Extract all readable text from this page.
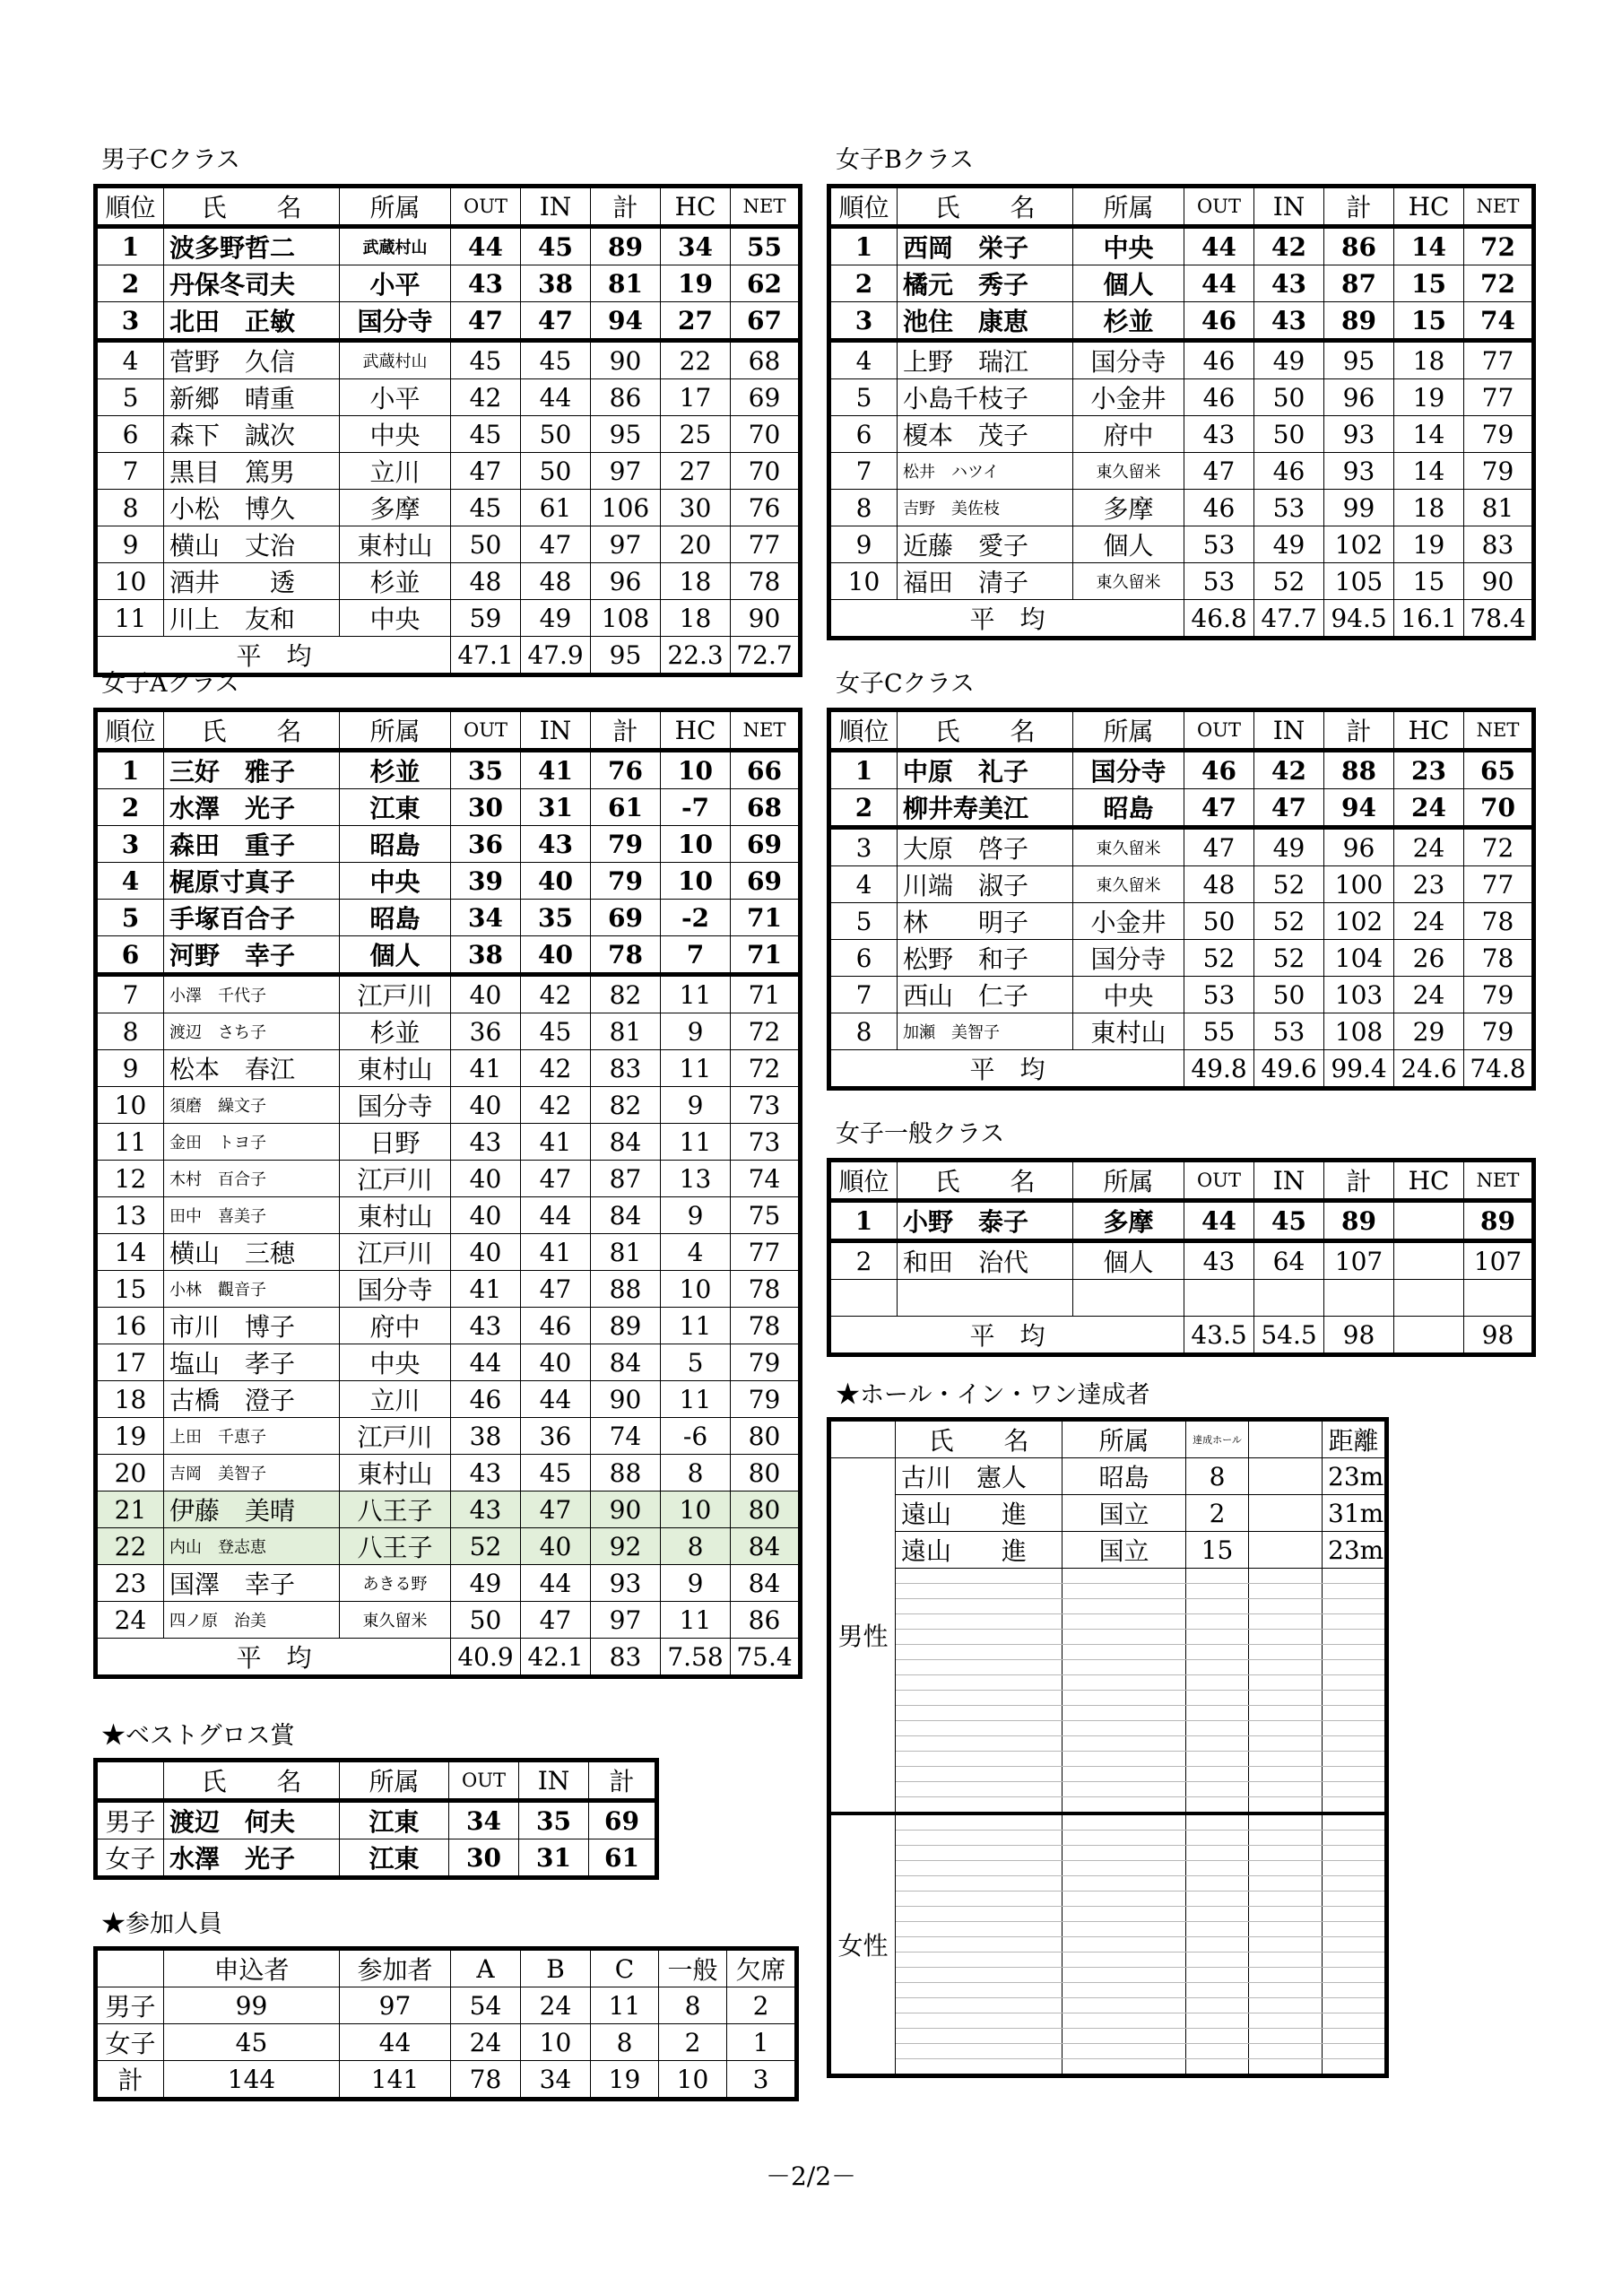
男子Cクラス	女子Bクラス
女子Aクラス	女子Cクラス
女子一般クラス
★ホール・イン・ワン達成者
★ベストグロス賞
★参加人員
順位	氏　　名	所属	OUT	IN	計	HC	NET
1	波多野哲二	武蔵村山	44	45	89	34	55
2	丹保冬司夫	小平	43	38	81	19	62
3	北田　正敏	国分寺	47	47	94	27	67
4	菅野　久信	武蔵村山	45	45	90	22	68
5	新郷　晴重	小平	42	44	86	17	69
6	森下　誠次	中央	45	50	95	25	70
7	黒目　篤男	立川	47	50	97	27	70
8	小松　博久	多摩	45	61	106	30	76
9	横山　丈治	東村山	50	47	97	20	77
10	酒井　　透	杉並	48	48	96	18	78
11	川上　友和	中央	59	49	108	18	90
平　均			47.1	47.9	95	22.3	72.7
順位	氏　　名	所属	OUT	IN	計	HC	NET
1	西岡　栄子	中央	44	42	86	14	72
2	橘元　秀子	個人	44	43	87	15	72
3	池住　康恵	杉並	46	43	89	15	74
4	上野　瑞江	国分寺	46	49	95	18	77
5	小島千枝子	小金井	46	50	96	19	77
6	榎本　茂子	府中	43	50	93	14	79
7	松井　ハツイ	東久留米	47	46	93	14	79
8	吉野　美佐枝	多摩	46	53	99	18	81
9	近藤　愛子	個人	53	49	102	19	83
10	福田　清子	東久留米	53	52	105	15	90
平　均			46.8	47.7	94.5	16.1	78.4
順位	氏　　名	所属	OUT	IN	計	HC	NET
1	三好　雅子	杉並	35	41	76	10	66
2	水澤　光子	江東	30	31	61	-7	68
3	森田　重子	昭島	36	43	79	10	69
4	梶原寸真子	中央	39	40	79	10	69
5	手塚百合子	昭島	34	35	69	-2	71
6	河野　幸子	個人	38	40	78	7	71
7	小澤　千代子	江戸川	40	42	82	11	71
8	渡辺　さち子	杉並	36	45	81	9	72
9	松本　春江	東村山	41	42	83	11	72
10	須磨　繰文子	国分寺	40	42	82	9	73
11	金田　トヨ子	日野	43	41	84	11	73
12	木村　百合子	江戸川	40	47	87	13	74
13	田中　喜美子	東村山	40	44	84	9	75
14	横山　三穂	江戸川	40	41	81	4	77
15	小林　觀音子	国分寺	41	47	88	10	78
16	市川　博子	府中	43	46	89	11	78
17	塩山　孝子	中央	44	40	84	5	79
18	古橋　澄子	立川	46	44	90	11	79
19	上田　千恵子	江戸川	38	36	74	-6	80
20	吉岡　美智子	東村山	43	45	88	8	80
21	伊藤　美晴	八王子	43	47	90	10	80
22	内山　登志恵	八王子	52	40	92	8	84
23	国澤　幸子	あきる野	49	44	93	9	84
24	四ノ原　治美	東久留米	50	47	97	11	86
平　均			40.9	42.1	83	7.58	75.4
順位	氏　　名	所属	OUT	IN	計	HC	NET
1	中原　礼子	国分寺	46	42	88	23	65
2	柳井寿美江	昭島	47	47	94	24	70
3	大原　啓子	東久留米	47	49	96	24	72
4	川端　淑子	東久留米	48	52	100	23	77
5	林　　明子	小金井	50	52	102	24	78
6	松野　和子	国分寺	52	52	104	26	78
7	西山　仁子	中央	53	50	103	24	79
8	加瀬　美智子	東村山	55	53	108	29	79
平　均			49.8	49.6	99.4	24.6	74.8
順位	氏　　名	所属	OUT	IN	計	HC	NET
1	小野　泰子	多摩	44	45	89		89
2	和田　治代	個人	43	64	107		107

平　均			43.5	54.5	98		98
	氏　　名	所属	達成ホール		距離
男性	古川　憲人	昭島	8		23m
	遠山　　進	国立	2		31m
	遠山　　進	国立	15		23m

女性					

	氏　　名	所属	OUT	IN	計
男子	渡辺　何夫	江東	34	35	69
女子	水澤　光子	江東	30	31	61
	申込者	参加者	A	B	C	一般	欠席
男子	99	97	54	24	11	8	2
女子	45	44	24	10	8	2	1
計	144	141	78	34	19	10	3
－2/2－
